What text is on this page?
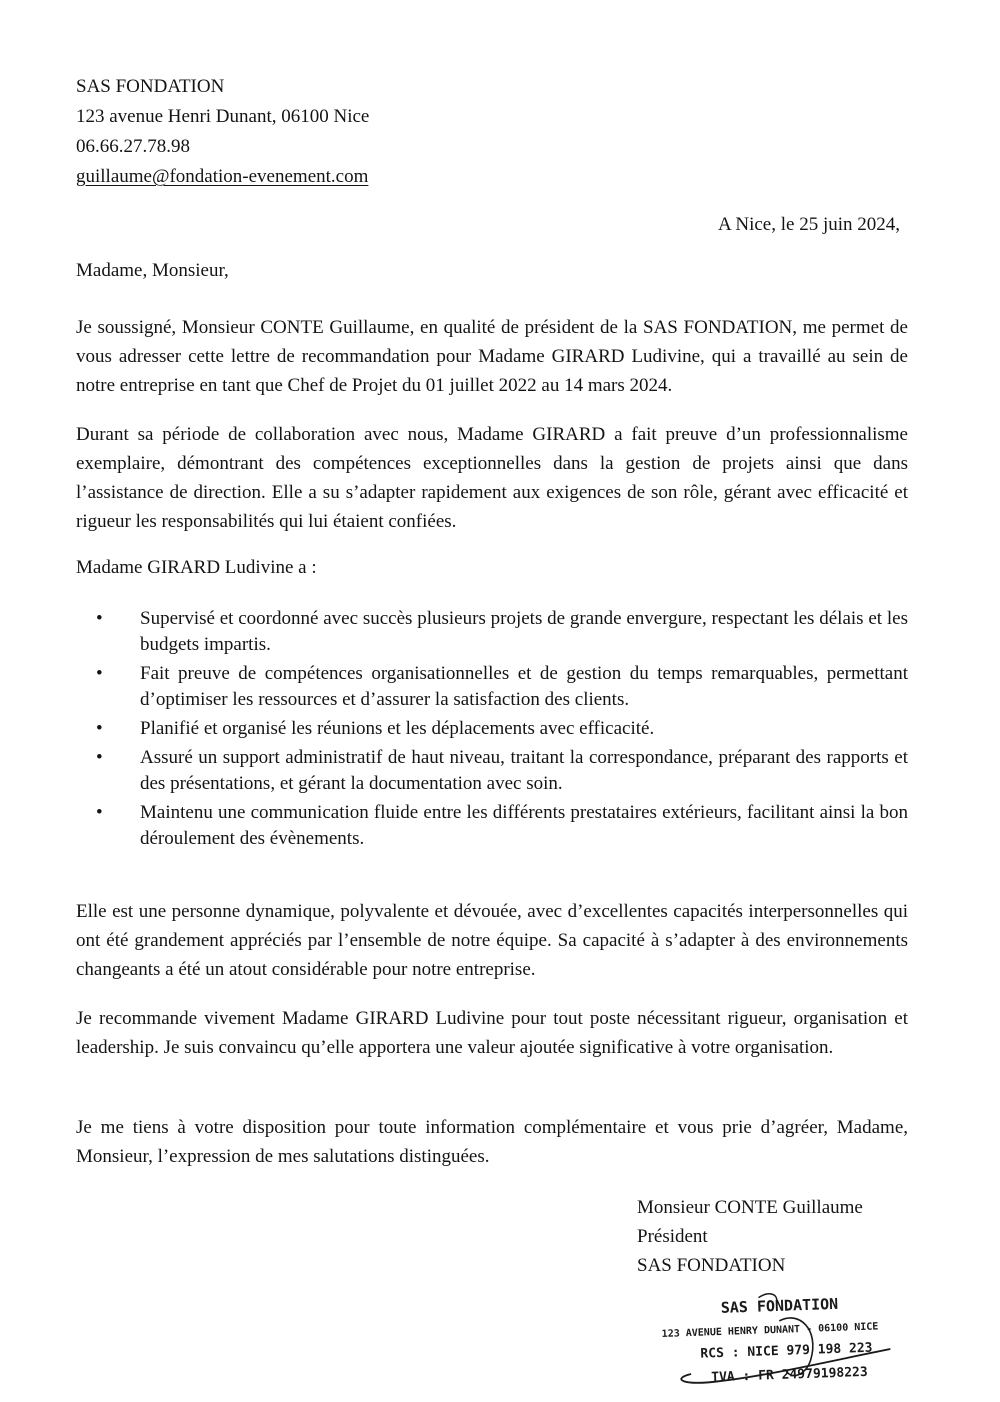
SAS FONDATION
123 avenue Henri Dunant, 06100 Nice
06.66.27.78.98
guillaume@fondation-evenement.com
A Nice, le 25 juin 2024,
Madame, Monsieur,

Je soussigné, Monsieur CONTE Guillaume, en qualité de président de la SAS FONDATION, me permet de vous adresser cette lettre de recommandation pour Madame GIRARD Ludivine, qui a travaillé au sein de notre entreprise en tant que Chef de Projet du 01 juillet 2022 au 14 mars 2024.

Durant sa période de collaboration avec nous, Madame GIRARD a fait preuve d’un professionnalisme exemplaire, démontrant des compétences exceptionnelles dans la gestion de projets ainsi que dans l’assistance de direction. Elle a su s’adapter rapidement aux exigences de son rôle, gérant avec efficacité et rigueur les responsabilités qui lui étaient confiées.

Madame GIRARD Ludivine a :
• Supervisé et coordonné avec succès plusieurs projets de grande envergure, respectant les délais et les budgets impartis.
• Fait preuve de compétences organisationnelles et de gestion du temps remarquables, permettant d’optimiser les ressources et d’assurer la satisfaction des clients.
• Planifié et organisé les réunions et les déplacements avec efficacité.
• Assuré un support administratif de haut niveau, traitant la correspondance, préparant des rapports et des présentations, et gérant la documentation avec soin.
• Maintenu une communication fluide entre les différents prestataires extérieurs, facilitant ainsi la bon déroulement des évènements.

Elle est une personne dynamique, polyvalente et dévouée, avec d’excellentes capacités interpersonnelles qui ont été grandement appréciés par l’ensemble de notre équipe. Sa capacité à s’adapter à des environnements changeants a été un atout considérable pour notre entreprise.

Je recommande vivement Madame GIRARD Ludivine pour tout poste nécessitant rigueur, organisation et leadership. Je suis convaincu qu’elle apportera une valeur ajoutée significative à votre organisation.

Je me tiens à votre disposition pour toute information complémentaire et vous prie d’agréer, Madame, Monsieur, l’expression de mes salutations distinguées.

Monsieur CONTE Guillaume
Président
SAS FONDATION
SAS FONDATION
123 AVENUE HENRY DUNANT - 06100 NICE
RCS : NICE 979 198 223
TVA : FR 24979198223
